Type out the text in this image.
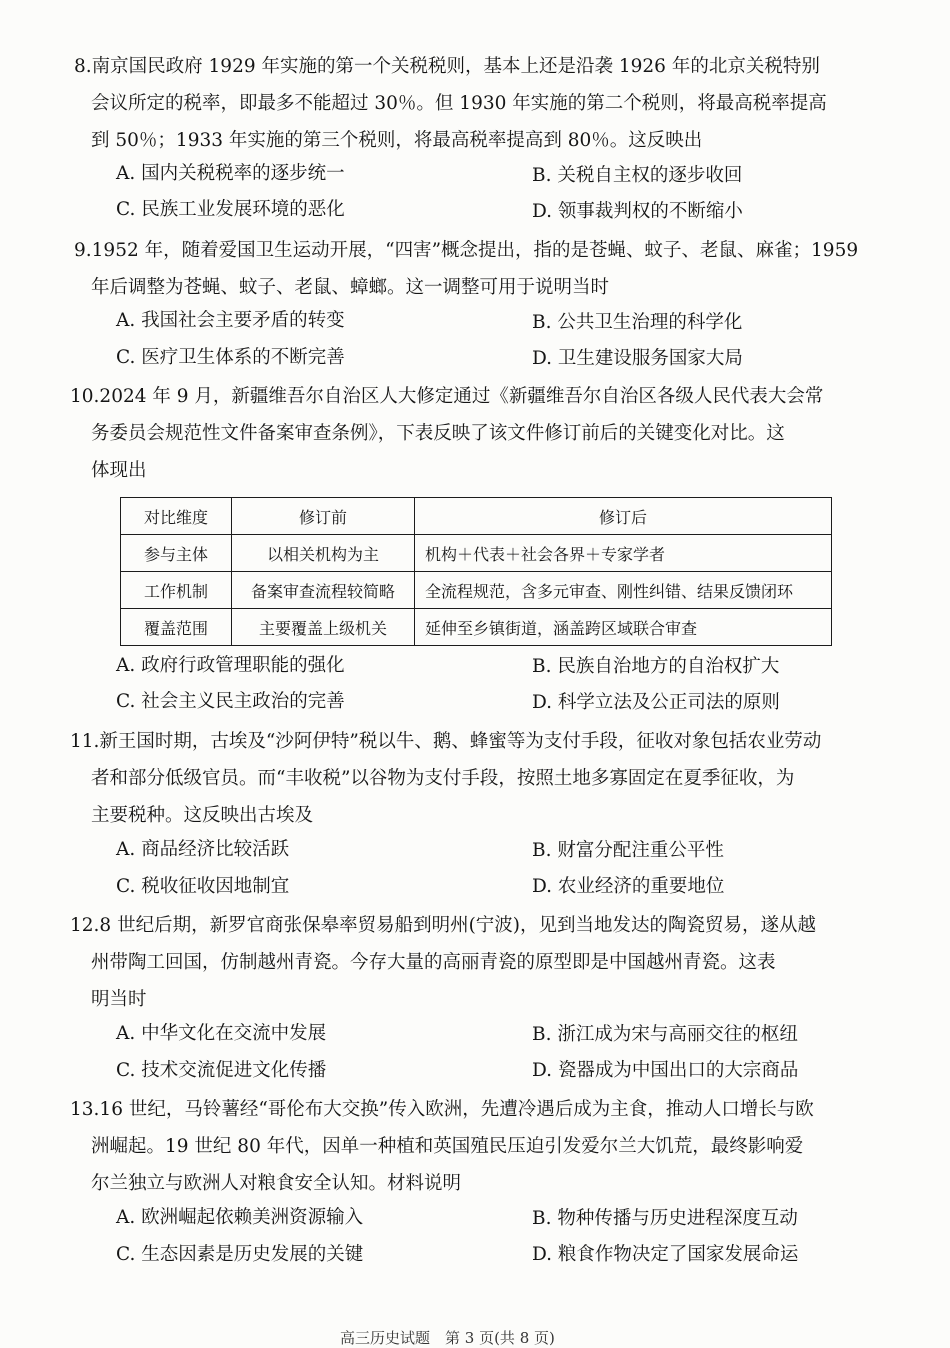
8.南京国民政府 1929 年实施的第一个关税税则，基本上还是沿袭 1926 年的北京关税特别
会议所定的税率，即最多不能超过 30％。但 1930 年实施的第二个税则，将最高税率提高
到 50％；1933 年实施的第三个税则，将最高税率提高到 80％。这反映出
A. 国内关税税率的逐步统一	B. 关税自主权的逐步收回
C. 民族工业发展环境的恶化	D. 领事裁判权的不断缩小
9.1952 年，随着爱国卫生运动开展，“四害”概念提出，指的是苍蝇、蚊子、老鼠、麻雀；1959
年后调整为苍蝇、蚊子、老鼠、蟑螂。这一调整可用于说明当时
A. 我国社会主要矛盾的转变	B. 公共卫生治理的科学化
C. 医疗卫生体系的不断完善	D. 卫生建设服务国家大局
10.2024 年 9 月，新疆维吾尔自治区人大修定通过《新疆维吾尔自治区各级人民代表大会常
务委员会规范性文件备案审查条例》，下表反映了该文件修订前后的关键变化对比。这
体现出
对比维度	修订前	修订后
参与主体	以相关机构为主	机构＋代表＋社会各界＋专家学者
工作机制	备案审查流程较简略	全流程规范，含多元审查、刚性纠错、结果反馈闭环
覆盖范围	主要覆盖上级机关	延伸至乡镇街道，涵盖跨区域联合审查
A. 政府行政管理职能的强化	B. 民族自治地方的自治权扩大
C. 社会主义民主政治的完善	D. 科学立法及公正司法的原则
11.新王国时期，古埃及“沙阿伊特”税以牛、鹅、蜂蜜等为支付手段，征收对象包括农业劳动
者和部分低级官员。而“丰收税”以谷物为支付手段，按照土地多寡固定在夏季征收，为
主要税种。这反映出古埃及
A. 商品经济比较活跃	B. 财富分配注重公平性
C. 税收征收因地制宜	D. 农业经济的重要地位
12.8 世纪后期，新罗官商张保皋率贸易船到明州(宁波)，见到当地发达的陶瓷贸易，遂从越
州带陶工回国，仿制越州青瓷。今存大量的高丽青瓷的原型即是中国越州青瓷。这表
明当时
A. 中华文化在交流中发展	B. 浙江成为宋与高丽交往的枢纽
C. 技术交流促进文化传播	D. 瓷器成为中国出口的大宗商品
13.16 世纪，马铃薯经“哥伦布大交换”传入欧洲，先遭冷遇后成为主食，推动人口增长与欧
洲崛起。19 世纪 80 年代，因单一种植和英国殖民压迫引发爱尔兰大饥荒，最终影响爱
尔兰独立与欧洲人对粮食安全认知。材料说明
A. 欧洲崛起依赖美洲资源输入	B. 物种传播与历史进程深度互动
C. 生态因素是历史发展的关键	D. 粮食作物决定了国家发展命运
高三历史试题　第 3 页(共 8 页)
